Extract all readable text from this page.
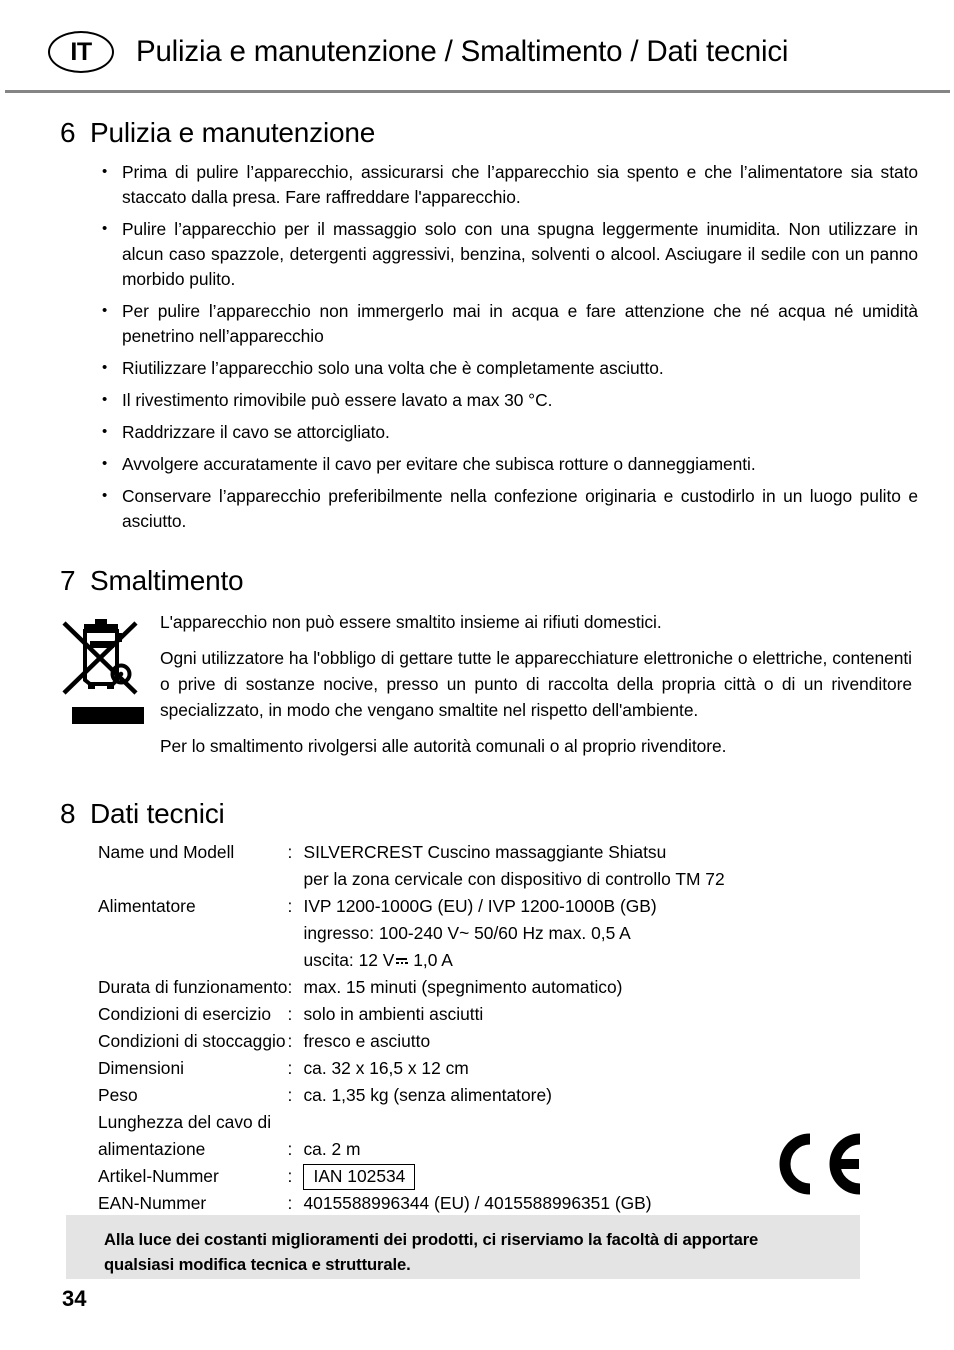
IT	Pulizia e manutenzione / Smaltimento / Dati tecnici
6 Pulizia e manutenzione
• Prima di pulire l’apparecchio, assicurarsi che l’apparecchio sia spento e che l’alimentatore sia stato staccato dalla presa. Fare raffreddare l'apparecchio.
• Pulire l’apparecchio per il massaggio solo con una spugna leggermente inumidita. Non utilizzare in alcun caso spazzole, detergenti aggressivi, benzina, solventi o alcool. Asciugare il sedile con un panno morbido pulito.
• Per pulire l’apparecchio non immergerlo mai in acqua e fare attenzione che né acqua né umidità penetrino nell’apparecchio
• Riutilizzare l’apparecchio solo una volta che è completamente asciutto.
• Il rivestimento rimovibile può essere lavato a max 30 °C.
• Raddrizzare il cavo se attorcigliato.
• Avvolgere accuratamente il cavo per evitare che subisca rotture o danneggiamenti.
• Conservare l’apparecchio preferibilmente nella confezione originaria e custodirlo in un luogo pulito e asciutto.
7 Smaltimento

L'apparecchio non può essere smaltito insieme ai rifiuti domestici.

Ogni utilizzatore ha l'obbligo di gettare tutte le apparecchiature elettroniche o elettriche, contenenti o prive di sostanze nocive, presso un punto di raccolta della propria città o di un rivenditore specializzato, in modo che vengano smaltite nel rispetto dell'ambiente.

Per lo smaltimento rivolgersi alle autorità comunali o al proprio rivenditore.

8 Dati tecnici
Name und Modell	:	SILVERCREST Cuscino massaggiante Shiatsu
		per la zona cervicale con dispositivo di controllo TM 72
Alimentatore	:	IVP 1200-1000G (EU) / IVP 1200-1000B (GB)
		ingresso: 100-240 V~ 50/60 Hz max. 0,5 A
		uscita: 12 V
1,0 A
Durata di funzionamento	:	max. 15 minuti (spegnimento automatico)
Condizioni di esercizio	:	solo in ambienti asciutti
Condizioni di stoccaggio	:	fresco e asciutto
Dimensioni	:	ca. 32 x 16,5 x 12 cm
Peso	:	ca. 1,35 kg (senza alimentatore)
Lunghezza del cavo di		
alimentazione	:	ca. 2 m
Artikel-Nummer	:	IAN 102534
EAN-Nummer	:	4015588996344 (EU) / 4015588996351 (GB)

Alla luce dei costanti miglioramenti dei prodotti, ci riserviamo la facoltà di apportare

qualsiasi modifica tecnica e strutturale.

34
